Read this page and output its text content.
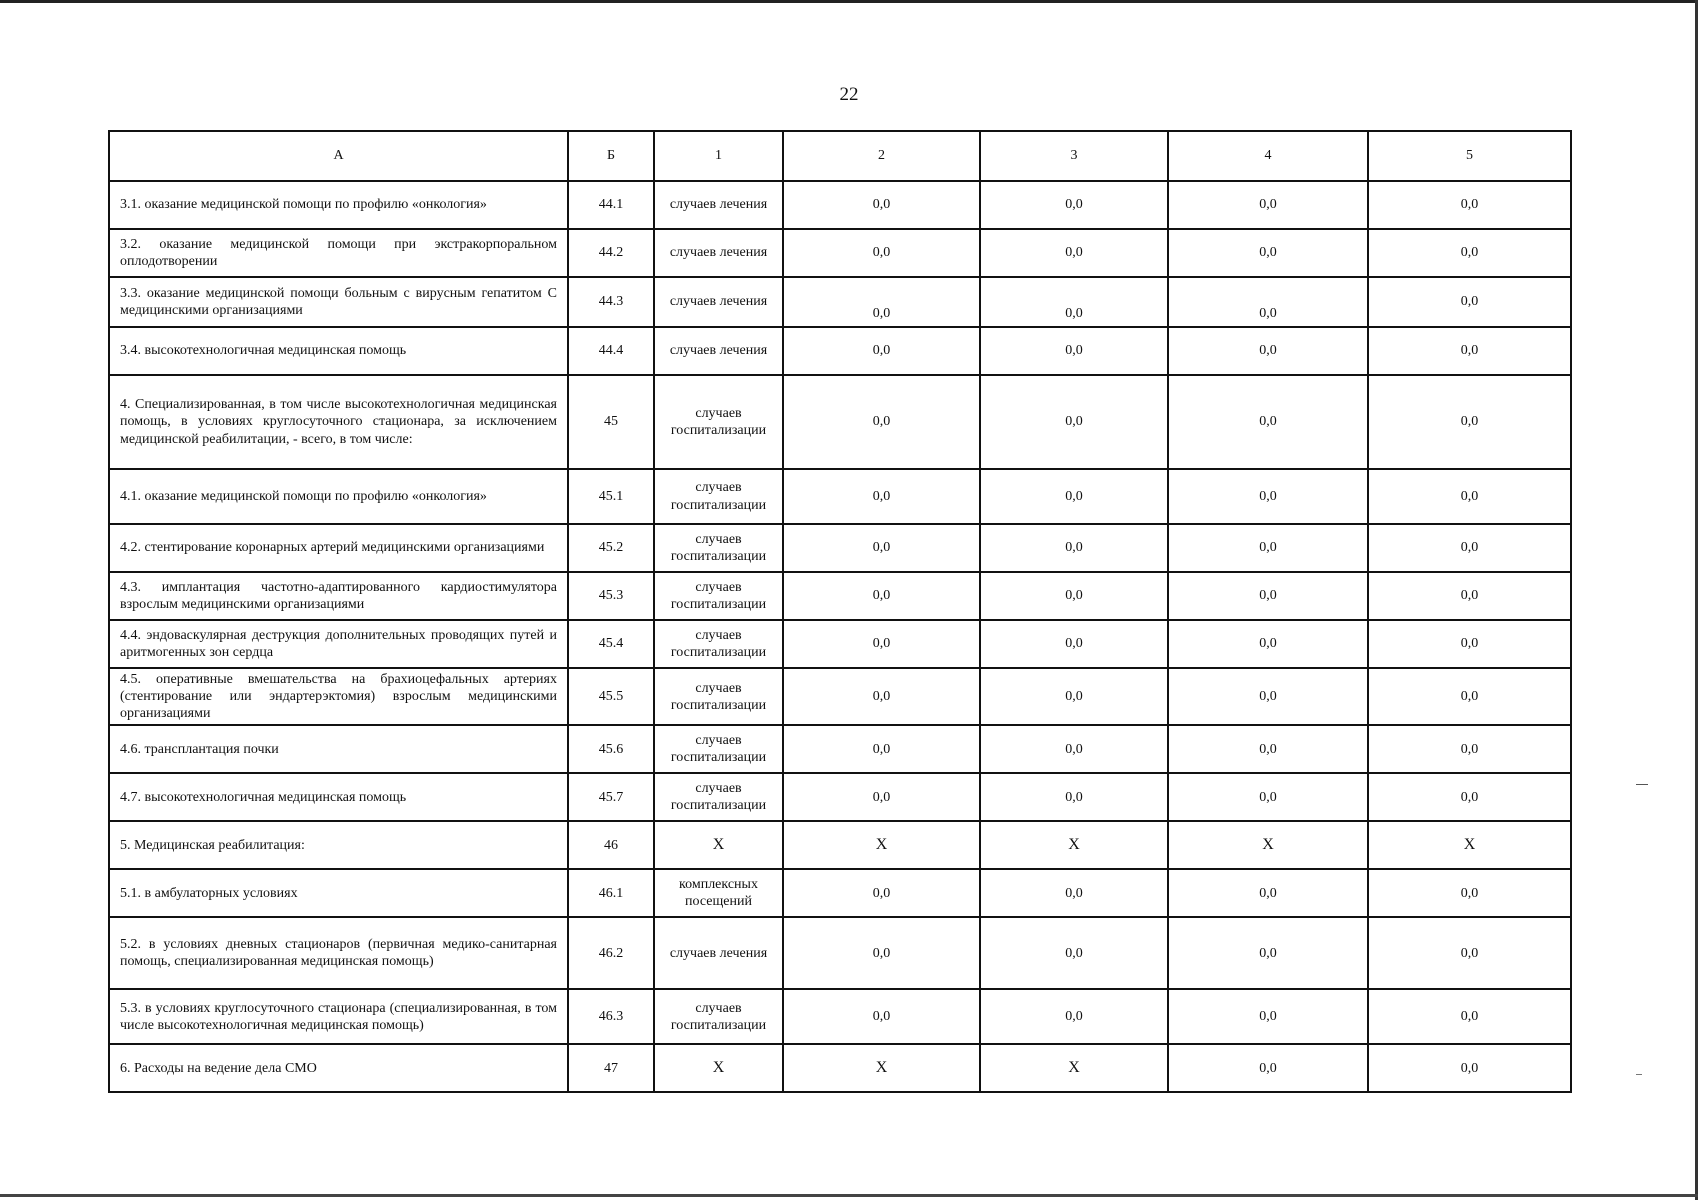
22
А	Б	1	2	3	4	5
3.1. оказание медицинской помощи по профилю «онкология»	44.1	случаев лечения	0,0	0,0	0,0	0,0
3.2. оказание медицинской помощи при экстракорпоральном оплодотворении	44.2	случаев лечения	0,0	0,0	0,0	0,0
3.3. оказание медицинской помощи больным с вирусным гепатитом С медицинскими организациями	44.3	случаев лечения	0,0	0,0	0,0	0,0
3.4. высокотехнологичная медицинская помощь	44.4	случаев лечения	0,0	0,0	0,0	0,0
4. Специализированная, в том числе высокотехнологичная медицинская помощь, в условиях круглосуточного стационара, за исключением медицинской реабилитации, - всего, в том числе:	45	случаев госпитализации	0,0	0,0	0,0	0,0
4.1. оказание медицинской помощи по профилю «онкология»	45.1	случаев госпитализации	0,0	0,0	0,0	0,0
4.2. стентирование коронарных артерий медицинскими организациями	45.2	случаев госпитализации	0,0	0,0	0,0	0,0
4.3. имплантация частотно-адаптированного кардиостимулятора взрослым медицинскими организациями	45.3	случаев госпитализации	0,0	0,0	0,0	0,0
4.4. эндоваскулярная деструкция дополнительных проводящих путей и аритмогенных зон сердца	45.4	случаев госпитализации	0,0	0,0	0,0	0,0
4.5. оперативные вмешательства на брахиоцефальных артериях (стентирование или эндартерэктомия) взрослым медицинскими организациями	45.5	случаев госпитализации	0,0	0,0	0,0	0,0
4.6. трансплантация почки	45.6	случаев госпитализации	0,0	0,0	0,0	0,0
4.7. высокотехнологичная медицинская помощь	45.7	случаев госпитализации	0,0	0,0	0,0	0,0
5. Медицинская реабилитация:	46	Х	Х	Х	Х	Х
5.1. в амбулаторных условиях	46.1	комплексных посещений	0,0	0,0	0,0	0,0
5.2. в условиях дневных стационаров (первичная медико-санитарная помощь, специализированная медицинская помощь)	46.2	случаев лечения	0,0	0,0	0,0	0,0
5.3. в условиях круглосуточного стационара (специализированная, в том числе высокотехнологичная медицинская помощь)	46.3	случаев госпитализации	0,0	0,0	0,0	0,0
6. Расходы на ведение дела СМО	47	Х	Х	Х	0,0	0,0
